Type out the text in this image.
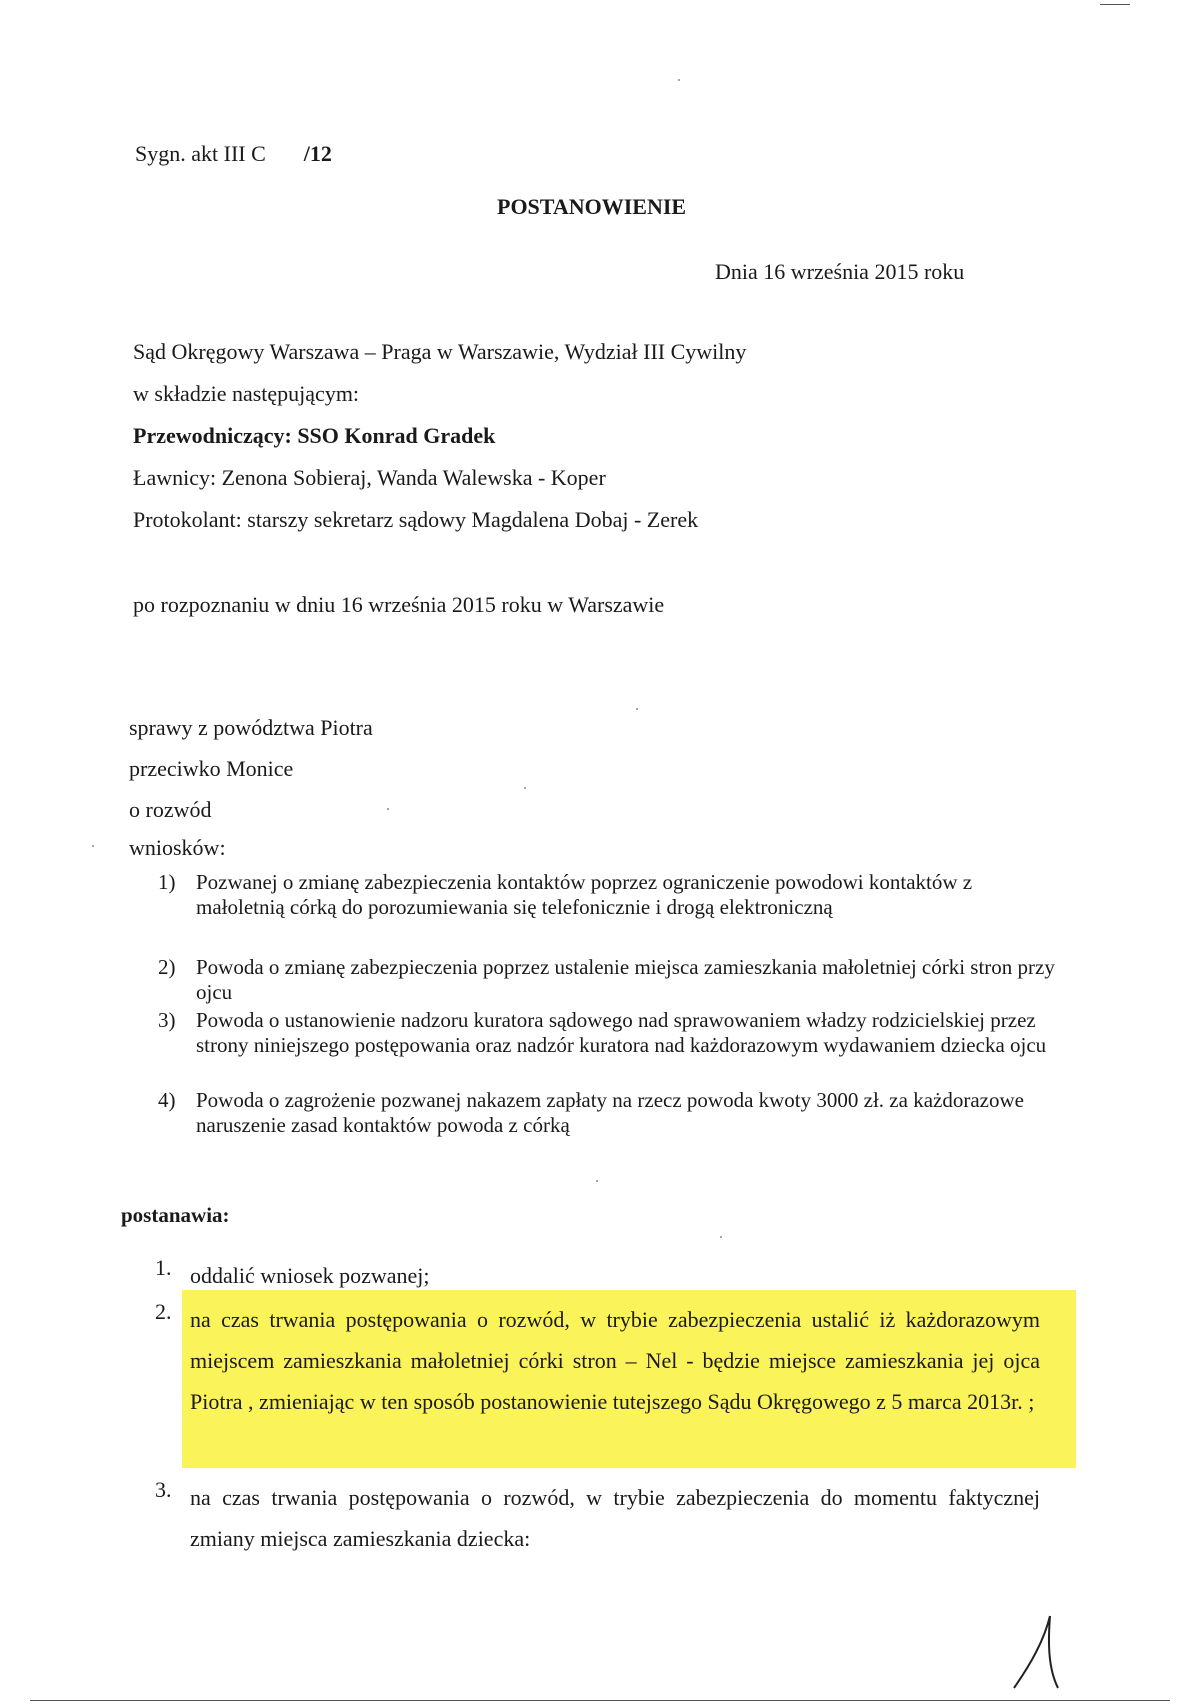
Sygn. akt III C /12
POSTANOWIENIE
Dnia 16 września 2015 roku
Sąd Okręgowy Warszawa – Praga w Warszawie, Wydział III Cywilny
w składzie następującym:
Przewodniczący: SSO Konrad Gradek
Ławnicy: Zenona Sobieraj, Wanda Walewska - Koper
Protokolant: starszy sekretarz sądowy Magdalena Dobaj - Zerek
po rozpoznaniu w dniu 16 września 2015 roku w Warszawie
sprawy z powództwa Piotra
przeciwko Monice
o rozwód
wniosków:
1) Pozwanej o zmianę zabezpieczenia kontaktów poprzez ograniczenie powodowi kontaktów z małoletnią córką do porozumiewania się telefonicznie i drogą elektroniczną
2) Powoda o zmianę zabezpieczenia poprzez ustalenie miejsca zamieszkania małoletniej córki stron przy ojcu
3) Powoda o ustanowienie nadzoru kuratora sądowego nad sprawowaniem władzy rodzicielskiej przez strony niniejszego postępowania oraz nadzór kuratora nad każdorazowym wydawaniem dziecka ojcu
4) Powoda o zagrożenie pozwanej nakazem zapłaty na rzecz powoda kwoty 3000 zł. za każdorazowe naruszenie zasad kontaktów powoda z córką
postanawia:
1. oddalić wniosek pozwanej;
2. na czas trwania postępowania o rozwód, w trybie zabezpieczenia ustalić iż każdorazowym miejscem zamieszkania małoletniej córki stron – Nel - będzie miejsce zamieszkania jej ojca Piotra , zmieniając w ten sposób postanowienie tutejszego Sądu Okręgowego z 5 marca 2013r. ;
3. na czas trwania postępowania o rozwód, w trybie zabezpieczenia do momentu faktycznej zmiany miejsca zamieszkania dziecka:
